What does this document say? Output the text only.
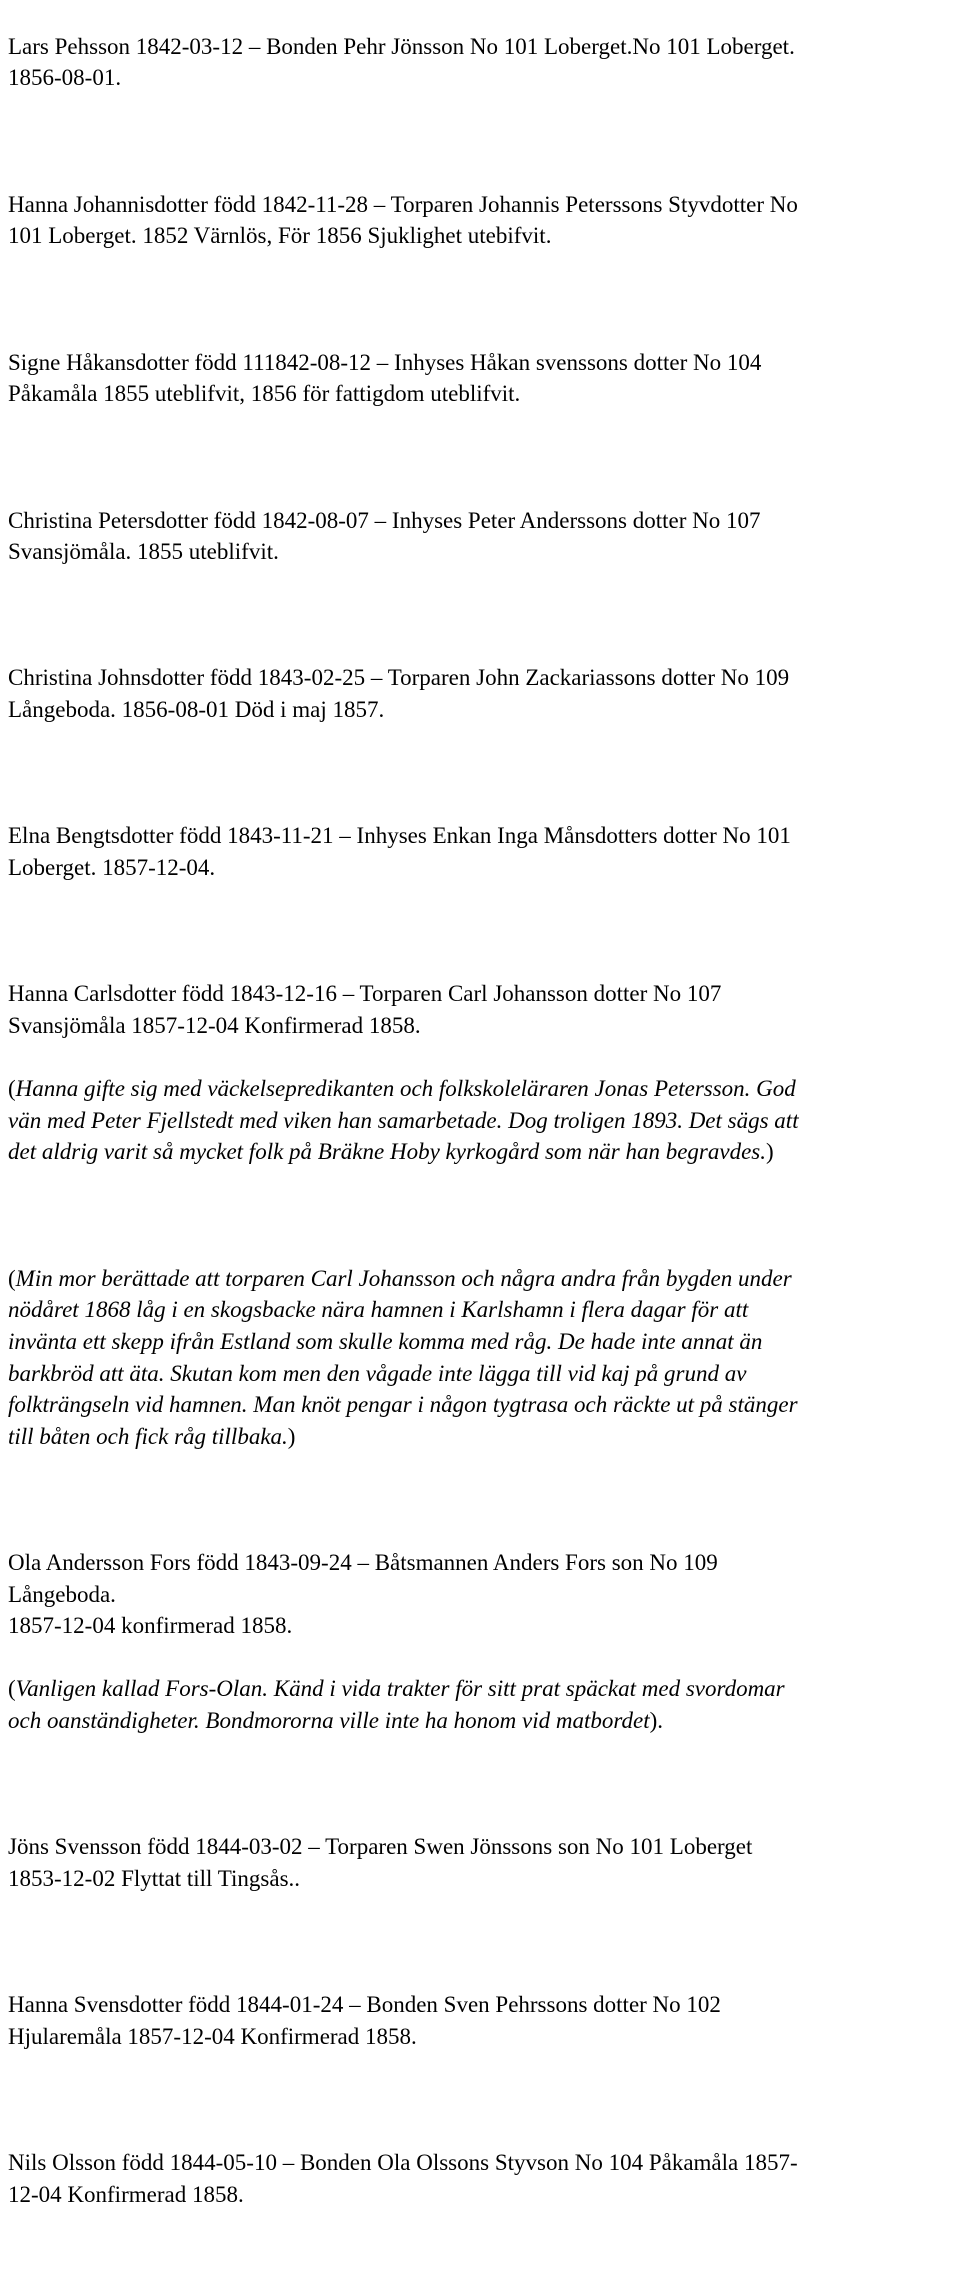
Lars Pehsson 1842-03-12 – Bonden Pehr Jönsson No 101 Loberget.No 101 Loberget.
1856-08-01.

Hanna Johannisdotter född 1842-11-28 – Torparen Johannis Peterssons Styvdotter No
101 Loberget. 1852 Värnlös, För 1856 Sjuklighet utebifvit.

Signe Håkansdotter född 111842-08-12 – Inhyses Håkan svenssons dotter No 104
Påkamåla 1855 uteblifvit, 1856 för fattigdom uteblifvit.

Christina Petersdotter född 1842-08-07 – Inhyses Peter Anderssons dotter No 107
Svansjömåla. 1855 uteblifvit.

Christina Johnsdotter född 1843-02-25 – Torparen John Zackariassons dotter No 109
Långeboda. 1856-08-01 Död i maj 1857.

Elna Bengtsdotter född 1843-11-21 – Inhyses Enkan Inga Månsdotters dotter No 101
Loberget. 1857-12-04.

Hanna Carlsdotter född 1843-12-16 – Torparen Carl Johansson dotter No 107
Svansjömåla 1857-12-04 Konfirmerad 1858.

(Hanna gifte sig med väckelsepredikanten och folkskoleläraren Jonas Petersson. God
vän med Peter Fjellstedt med viken han samarbetade. Dog troligen 1893. Det sägs att
det aldrig varit så mycket folk på Bräkne Hoby kyrkogård som när han begravdes.)

(Min mor berättade att torparen Carl Johansson och några andra från bygden under
nödåret 1868 låg i en skogsbacke nära hamnen i Karlshamn i flera dagar för att
invänta ett skepp ifrån Estland som skulle komma med råg. De hade inte annat än
barkbröd att äta. Skutan kom men den vågade inte lägga till vid kaj på grund av
folkträngseln vid hamnen. Man knöt pengar i någon tygtrasa och räckte ut på stänger
till båten och fick råg tillbaka.)

Ola Andersson Fors född 1843-09-24 – Båtsmannen Anders Fors son No 109
Långeboda.
1857-12-04 konfirmerad 1858.

(Vanligen kallad Fors-Olan. Känd i vida trakter för sitt prat späckat med svordomar
och oanständigheter. Bondmororna ville inte ha honom vid matbordet).

Jöns Svensson född 1844-03-02 – Torparen Swen Jönssons son No 101 Loberget
1853-12-02 Flyttat till Tingsås..

Hanna Svensdotter född 1844-01-24 – Bonden Sven Pehrssons dotter No 102
Hjularemåla 1857-12-04 Konfirmerad 1858.

Nils Olsson född 1844-05-10 – Bonden Ola Olssons Styvson No 104 Påkamåla 1857-
12-04 Konfirmerad 1858.
